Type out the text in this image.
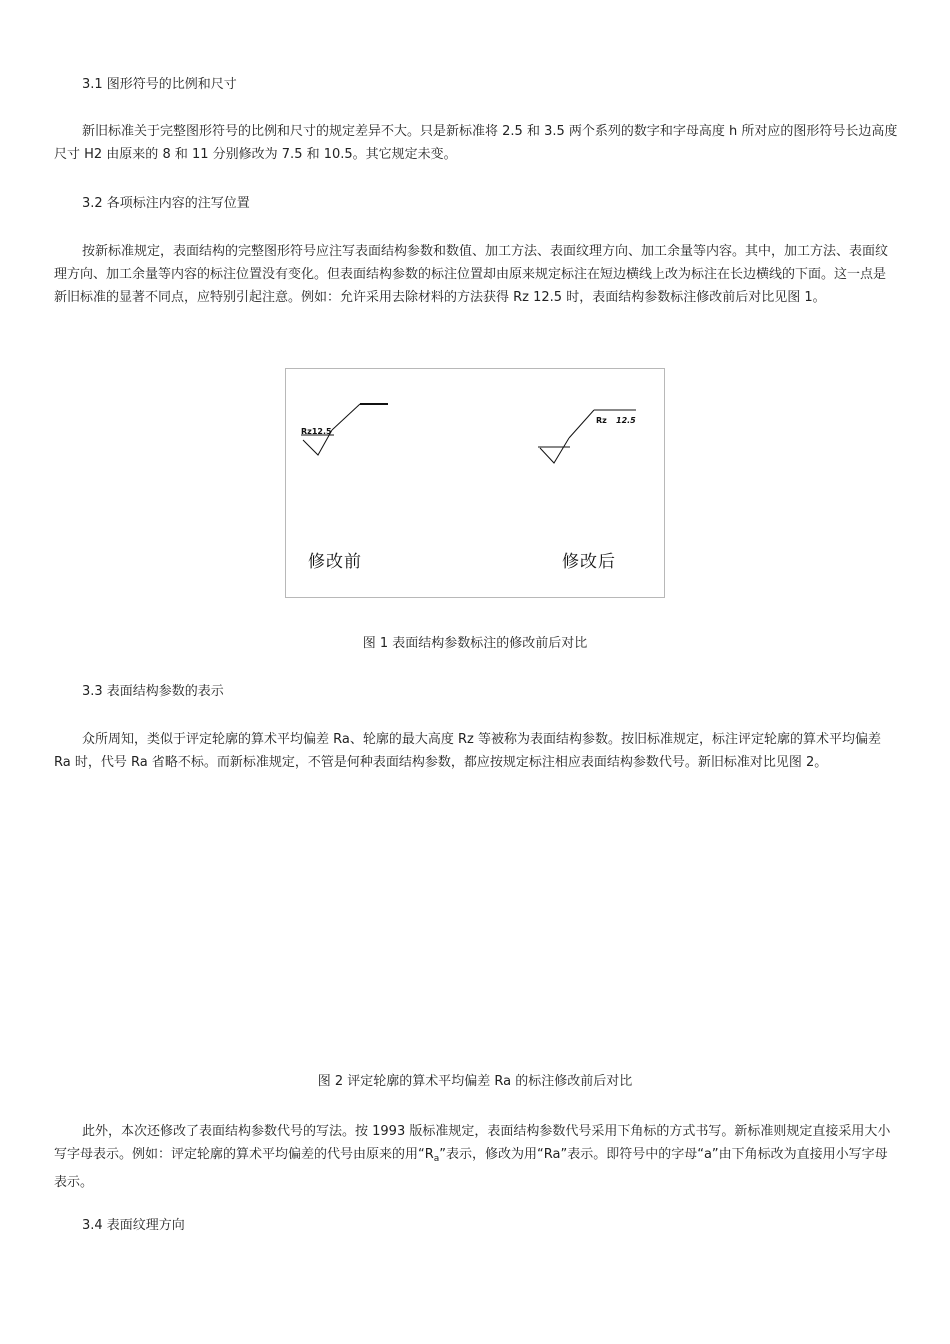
3.1 图形符号的比例和尺寸

新旧标准关于完整图形符号的比例和尺寸的规定差异不大。只是新标准将 2.5 和 3.5 两个系列的数字和字母高度 h 所对应的图形符号长边高度尺寸 H2 由原来的 8 和 11 分别修改为 7.5 和 10.5。其它规定未变。

3.2 各项标注内容的注写位置

按新标准规定，表面结构的完整图形符号应注写表面结构参数和数值、加工方法、表面纹理方向、加工余量等内容。其中，加工方法、表面纹理方向、加工余量等内容的标注位置没有变化。但表面结构参数的标注位置却由原来规定标注在短边横线上改为标注在长边横线的下面。这一点是新旧标准的显著不同点，应特别引起注意。例如：允许采用去除材料的方法获得 Rz 12.5 时，表面结构参数标注修改前后对比见图 1。

Rz12.5
Rz 12.5
修改前	修改后

图 1 表面结构参数标注的修改前后对比

3.3 表面结构参数的表示

众所周知，类似于评定轮廓的算术平均偏差 Ra、轮廓的最大高度 Rz 等被称为表面结构参数。按旧标准规定，标注评定轮廓的算术平均偏差 Ra 时，代号 Ra 省略不标。而新标准规定，不管是何种表面结构参数，都应按规定标注相应表面结构参数代号。新旧标准对比见图 2。

图 2 评定轮廓的算术平均偏差 Ra 的标注修改前后对比

此外，本次还修改了表面结构参数代号的写法。按 1993 版标准规定，表面结构参数代号采用下角标的方式书写。新标准则规定直接采用大小写字母表示。例如：评定轮廓的算术平均偏差的代号由原来的用“$R_a$”表示，修改为用“Ra”表示。即符号中的字母“a”由下角标改为直接用小写字母表示。

3.4 表面纹理方向
